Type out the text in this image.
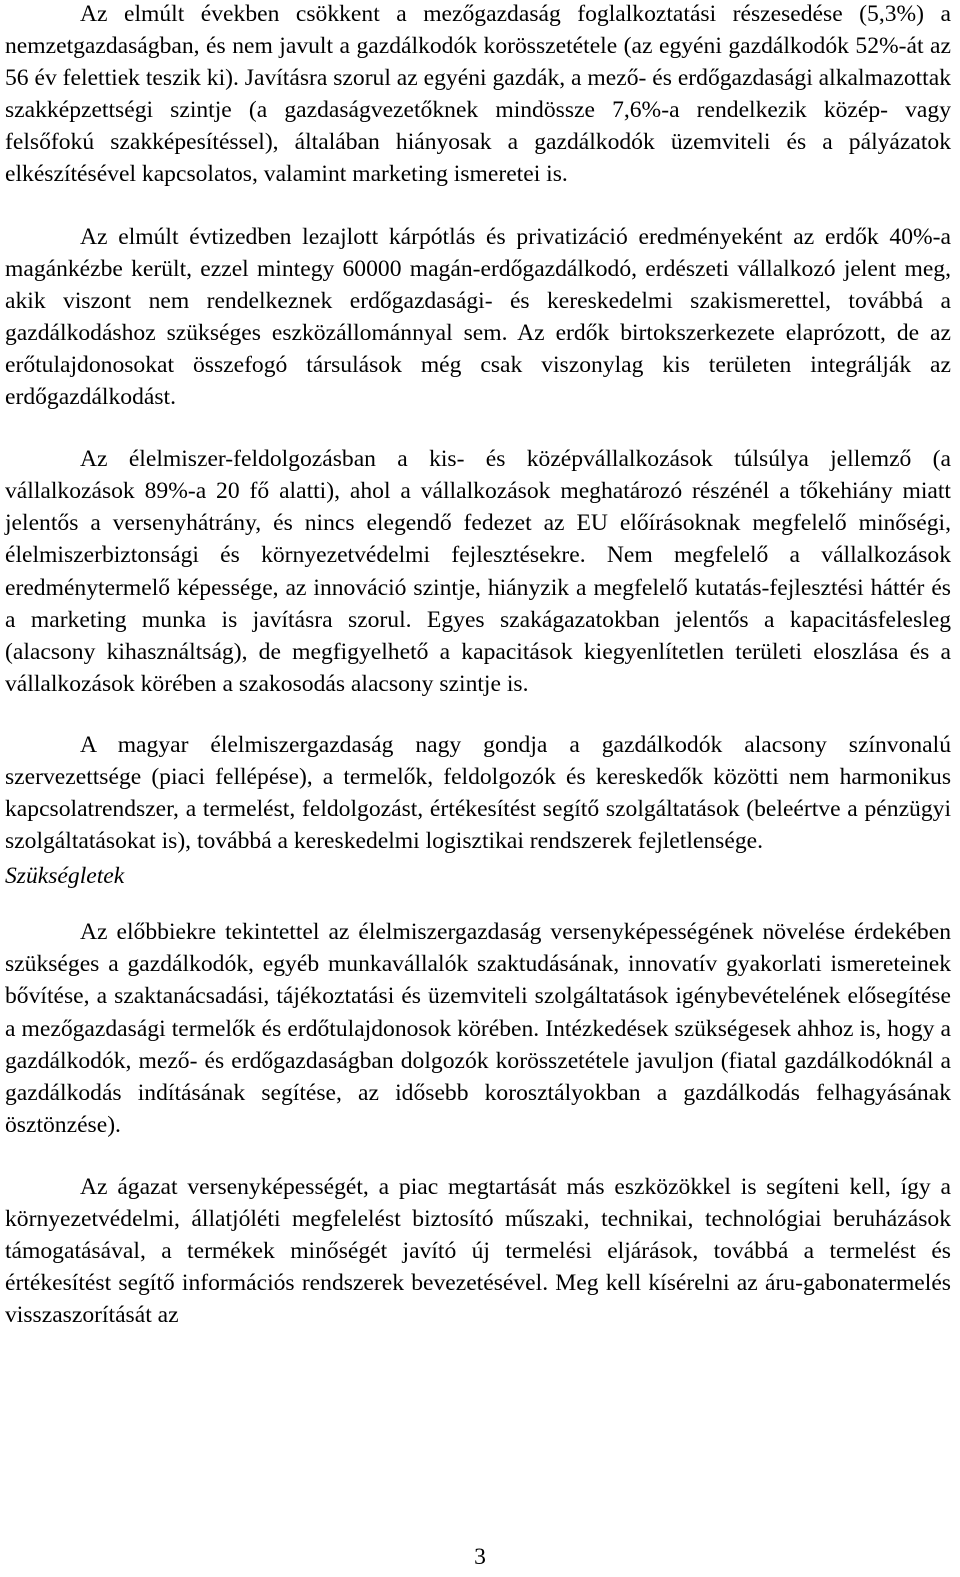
Az elmúlt években csökkent a mezőgazdaság foglalkoztatási részesedése (5,3%) a nemzetgazdaságban, és nem javult a gazdálkodók korösszetétele (az egyéni gazdálkodók 52%-át az 56 év felettiek teszik ki). Javításra szorul az egyéni gazdák, a mező- és erdőgazdasági alkalmazottak szakképzettségi szintje (a gazdaságvezetőknek mindössze 7,6%-a rendelkezik közép- vagy felsőfokú szakképesítéssel), általában hiányosak a gazdálkodók üzemviteli és a pályázatok elkészítésével kapcsolatos, valamint marketing ismeretei is.

Az elmúlt évtizedben lezajlott kárpótlás és privatizáció eredményeként az erdők 40%-a magánkézbe került, ezzel mintegy 60000 magán-erdőgazdálkodó, erdészeti vállalkozó jelent meg, akik viszont nem rendelkeznek erdőgazdasági- és kereskedelmi szakismerettel, továbbá a gazdálkodáshoz szükséges eszközállománnyal sem. Az erdők birtokszerkezete elaprózott, de az erőtulajdonosokat összefogó társulások még csak viszonylag kis területen integrálják az erdőgazdálkodást.

Az élelmiszer-feldolgozásban a kis- és középvállalkozások túlsúlya jellemző (a vállalkozások 89%-a 20 fő alatti), ahol a vállalkozások meghatározó részénél a tőkehiány miatt jelentős a versenyhátrány, és nincs elegendő fedezet az EU előírásoknak megfelelő minőségi, élelmiszerbiztonsági és környezetvédelmi fejlesztésekre. Nem megfelelő a vállalkozások eredménytermelő képessége, az innováció szintje, hiányzik a megfelelő kutatás-fejlesztési háttér és a marketing munka is javításra szorul. Egyes szakágazatokban jelentős a kapacitásfelesleg (alacsony kihasználtság), de megfigyelhető a kapacitások kiegyenlítetlen területi eloszlása és a vállalkozások körében a szakosodás alacsony szintje is.

A magyar élelmiszergazdaság nagy gondja a gazdálkodók alacsony színvonalú szervezettsége (piaci fellépése), a termelők, feldolgozók és kereskedők közötti nem harmonikus kapcsolatrendszer, a termelést, feldolgozást, értékesítést segítő szolgáltatások (beleértve a pénzügyi szolgáltatásokat is), továbbá a kereskedelmi logisztikai rendszerek fejletlensége.

Szükségletek

Az előbbiekre tekintettel az élelmiszergazdaság versenyképességének növelése érdekében szükséges a gazdálkodók, egyéb munkavállalók szaktudásának, innovatív gyakorlati ismereteinek bővítése, a szaktanácsadási, tájékoztatási és üzemviteli szolgáltatások igénybevételének elősegítése a mezőgazdasági termelők és erdőtulajdonosok körében. Intézkedések szükségesek ahhoz is, hogy a gazdálkodók, mező- és erdőgazdaságban dolgozók korösszetétele javuljon (fiatal gazdálkodóknál a gazdálkodás indításának segítése, az idősebb korosztályokban a gazdálkodás felhagyásának ösztönzése).

Az ágazat versenyképességét, a piac megtartását más eszközökkel is segíteni kell, így a környezetvédelmi, állatjóléti megfelelést biztosító műszaki, technikai, technológiai beruházások támogatásával, a termékek minőségét javító új termelési eljárások, továbbá a termelést és értékesítést segítő információs rendszerek bevezetésével. Meg kell kísérelni az áru-gabonatermelés visszaszorítását az

3
